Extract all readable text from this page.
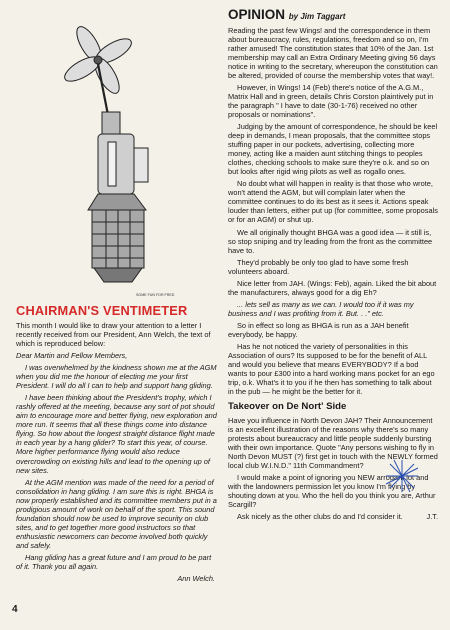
SOME FUN FOR FRED
CHAIRMAN'S VENTIMETER

This month I would like to draw your attention to a letter I recently received from our President, Ann Welch, the text of which is reproduced below:

Dear Martin and Fellow Members,

I was overwhelmed by the kindness shown me at the AGM when you did me the honour of electing me your first President. I will do all I can to help and support hang gliding.

I have been thinking about the President's trophy, which I rashly offered at the meeting, because any sort of pot should aim to encourage more and better flying, new exploration and more run. It seems that all these things come into distance flying. So how about the longest straight distance flight made in each year by a hang glider? To start this year, of course. More higher performance flying would also reduce overcrowding on existing hills and lead to the opening up of new sites.

At the AGM mention was made of the need for a period of consolidation in hang gliding. I am sure this is right. BHGA is now properly established and its committee members put in a prodigious amount of work on behalf of the sport. This sound foundation should now be used to improve security on club sites, and to get together more good instructors so that enthusiastic newcomers can become involved both quickly and safely.

Hang gliding has a great future and I am proud to be part of it. Thank you all again.

Ann Welch.

OPINION by Jim Taggart

Reading the past few Wings! and the correspondence in them about bureaucracy, rules, regulations, freedom and so on, I'm rather amused! The constitution states that 10% of the Jan. 1st membership may call an Extra Ordinary Meeting giving 56 days notice in writing to the secretary, whereupon the constitution can be altered, provided of course the membership votes that way!.

However, in Wings! 14 (Feb) there's notice of the A.G.M., Matrix Hall and in green, details Chris Corston plaintively put in the paragraph " I have to date (30-1-76) received no other proposals or nominations".

Judging by the amount of correspondence, he should be keel deep in demands, I mean proposals, that the committee stops stuffing paper in our pockets, advertising, collecting more money, acting like a maiden aunt stitching things to peoples clothes, checking schools to make sure they're o.k. and so on but looks after rigid wing pilots as well as rogallo ones.

No doubt what will happen in reality is that those who wrote, won't attend the AGM, but will complain later when the committee continues to do its best as it sees it. Actions speak louder than letters, either put up (for committee, some proposals or for an AGM) or shut up.

We all originally thought BHGA was a good idea — it still is, so stop sniping and try leading from the front as the committee have to.

They'd probably be only too glad to have some fresh volunteers aboard.

Nice letter from JAH. (Wings: Feb), again. Liked the bit about the manufacturers, always good for a dig Eh?

... lets sell as many as we can. I would too if it was my business and I was profiting from it. But. . ." etc.

So in effect so long as BHGA is run as a JAH benefit everybody, be happy.

Has he not noticed the variety of personalities in this Association of ours? Its supposed to be for the benefit of ALL and would you believe that means EVERYBODY? If a bod wants to pour £300 into a hard working mans pocket for an ego trip, o.k. What's it to you if he then has something to talk about in the pub — he might be the better for it.

Takeover on De Nort' Side

Have you influence in North Devon JAH? Their Announcement is an excellent illustration of the reasons why there's so many protests about bureaucracy and little people suddenly bursting with their own importance. Quote "Any persons wishing to fly in North Devon MUST (?) first get in touch with the NEWLY formed local club W.I.N.D." 11th Commandment?

I would make a point of ignoring you NEW arrogant lot and with the landowners permission let you know I'm flying by shouting down at you. Who the hell do you think you are, Arthur Scargill?

Ask nicely as the other clubs do and I'd consider it.	J.T.

4
